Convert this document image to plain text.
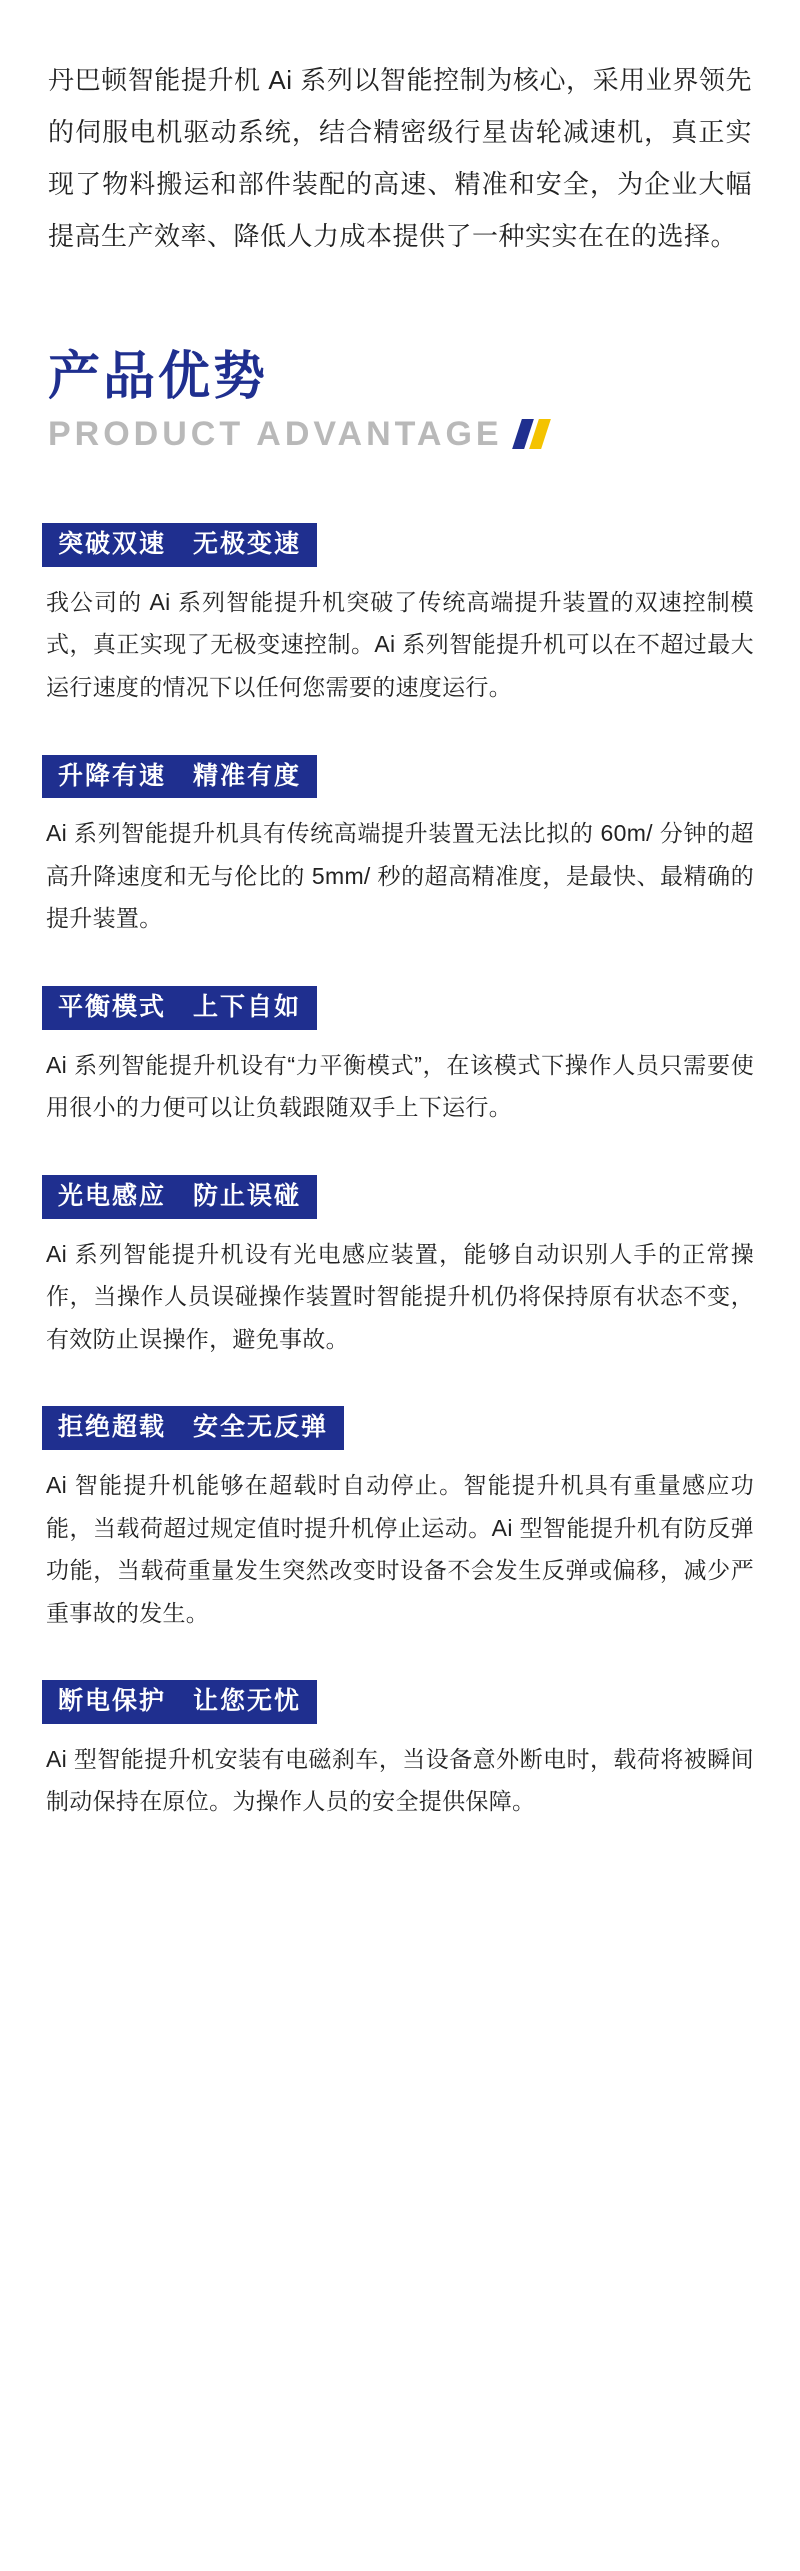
丹巴顿智能提升机 Ai 系列以智能控制为核心，采用业界领先的伺服电机驱动系统，结合精密级行星齿轮减速机，真正实现了物料搬运和部件装配的高速、精准和安全，为企业大幅提高生产效率、降低人力成本提供了一种实实在在的选择。

产品优势
PRODUCT ADVANTAGE
突破双速　无极变速
我公司的 Ai 系列智能提升机突破了传统高端提升装置的双速控制模式，真正实现了无极变速控制。Ai 系列智能提升机可以在不超过最大运行速度的情况下以任何您需要的速度运行。
升降有速　精准有度
Ai 系列智能提升机具有传统高端提升装置无法比拟的 60m/ 分钟的超高升降速度和无与伦比的 5mm/ 秒的超高精准度，是最快、最精确的提升装置。
平衡模式　上下自如
Ai 系列智能提升机设有“力平衡模式”，在该模式下操作人员只需要使用很小的力便可以让负载跟随双手上下运行。
光电感应　防止误碰
Ai 系列智能提升机设有光电感应装置，能够自动识别人手的正常操作，当操作人员误碰操作装置时智能提升机仍将保持原有状态不变，有效防止误操作，避免事故。
拒绝超载　安全无反弹
Ai 智能提升机能够在超载时自动停止。智能提升机具有重量感应功能，当载荷超过规定值时提升机停止运动。Ai 型智能提升机有防反弹功能，当载荷重量发生突然改变时设备不会发生反弹或偏移，减少严重事故的发生。
断电保护　让您无忧
Ai 型智能提升机安装有电磁刹车，当设备意外断电时，载荷将被瞬间制动保持在原位。为操作人员的安全提供保障。
